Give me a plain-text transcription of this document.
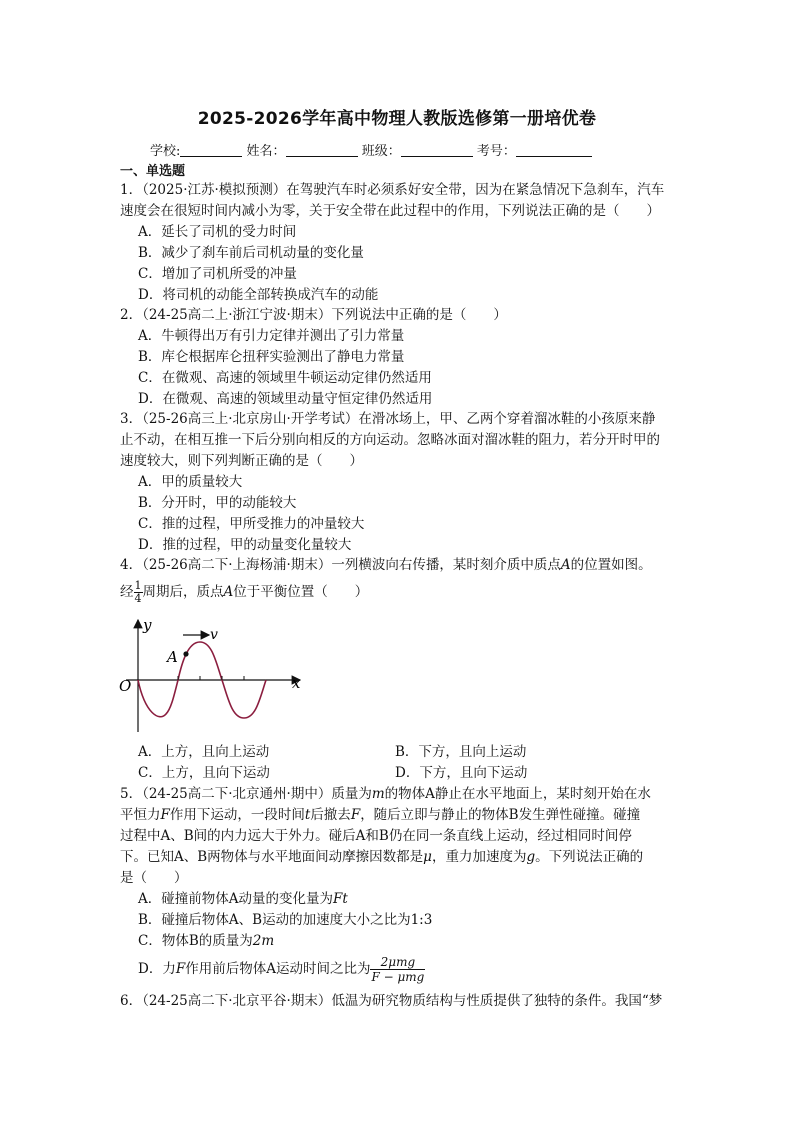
2025-2026学年高中物理人教版选修第一册培优卷
学校:	姓名：	班级：	考号：
一、单选题
1．（2025·江苏·模拟预测）在驾驶汽车时必须系好安全带，因为在紧急情况下急刹车，汽车
速度会在很短时间内减小为零，关于安全带在此过程中的作用，下列说法正确的是（　　）
A．延长了司机的受力时间
B．减少了刹车前后司机动量的变化量
C．增加了司机所受的冲量
D．将司机的动能全部转换成汽车的动能
2．（24-25高二上·浙江宁波·期末）下列说法中正确的是（　　）
A．牛顿得出万有引力定律并测出了引力常量
B．库仑根据库仑扭秤实验测出了静电力常量
C．在微观、高速的领域里牛顿运动定律仍然适用
D．在微观、高速的领域里动量守恒定律仍然适用
3．（25-26高三上·北京房山·开学考试）在滑冰场上，甲、乙两个穿着溜冰鞋的小孩原来静
止不动，在相互推一下后分别向相反的方向运动。忽略冰面对溜冰鞋的阻力，若分开时甲的
速度较大，则下列判断正确的是（　　）
A．甲的质量较大
B．分开时，甲的动能较大
C．推的过程，甲所受推力的冲量较大
D．推的过程，甲的动量变化量较大
4．（25-26高二下·上海杨浦·期末）一列横波向右传播，某时刻介质中质点A的位置如图。
经 $\frac{1}{4}$ 周期后，质点A位于平衡位置（　　）
y
x
O
A
v
A．上方，且向上运动	B．下方，且向上运动
C．上方，且向下运动	D．下方，且向下运动
5．（24-25高二下·北京通州·期中）质量为m的物体A静止在水平地面上，某时刻开始在水
平恒力F作用下运动，一段时间t后撤去F，随后立即与静止的物体B发生弹性碰撞。碰撞
过程中A、B间的内力远大于外力。碰后A和B仍在同一条直线上运动，经过相同时间停
下。已知A、B两物体与水平地面间动摩擦因数都是μ，重力加速度为g。下列说法正确的
是（　　）
A．碰撞前物体A动量的变化量为Ft
B．碰撞后物体A、B运动的加速度大小之比为1:3
C．物体B的质量为2m
D．力F作用前后物体A运动时间之比为 $\frac{\text{2μmg}}{\text{F − μmg}}$
6．（24-25高二下·北京平谷·期末）低温为研究物质结构与性质提供了独特的条件。我国“梦
